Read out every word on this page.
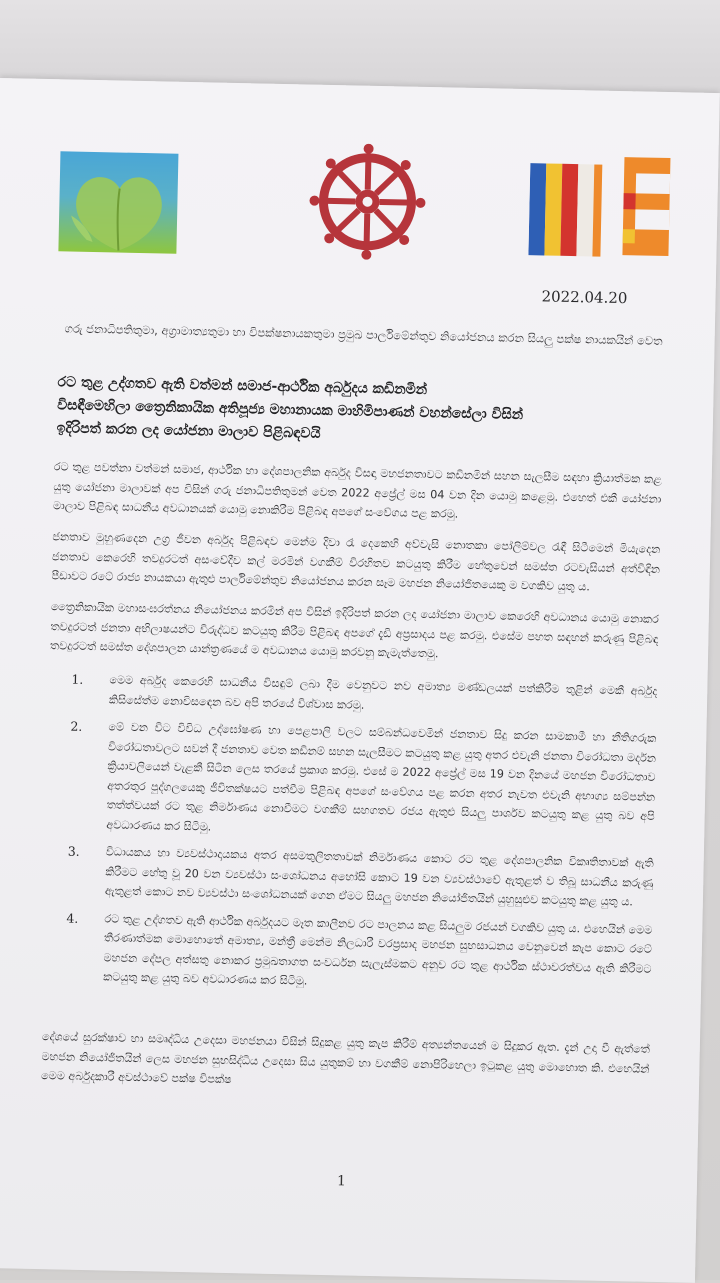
2022.04.20
ගරු ජනාධිපතිතුමා, අග්‍රාමාත්‍යතුමා හා විපක්ෂනායකතුමා ප්‍රමුඛ පාර්ලිමේන්තුව නියෝජනය කරන සියලු පක්ෂ නායකයින් වෙත
රට තුළ උද්ගතව ඇති වත්මන් සමාජ-ආර්ථික අර්බුදය කඩිනමින්
විසඳීමෙහිලා ත්‍රෛනිකායික අතිපූජ්‍ය මහානායක මාහිමිපාණන් වහන්සේලා විසින්
ඉදිරිපත් කරන ලද යෝජනා මාලාව පිළිබඳවයි
රට තුළ පවත්නා වත්මන් සමාජ, ආර්ථික හා දේශපාලනික අර්බුද විසඳා මහජනතාවට කඩිනමින් සහන සැලසීම සඳහා ක්‍රියාත්මක කළ යුතු යෝජනා මාලාවක් අප විසින් ගරු ජනාධිපතිතුමන් වෙත 2022 අප්‍රේල් මස 04 වන දින යොමු කළෙමු. එහෙත් එකී යෝජනා මාලාව පිළිබඳ සාධනීය අවධානයක් යොමු නොකිරීම පිළිබඳ අපගේ සංවේගය පළ කරමු.
ජනතාව මුහුණදෙන උග්‍ර ජීවන අර්බුද පිළිබඳව මෙන්ම දිවා රෑ දෙකෙහි අව්වැසි නොතකා පෝලිම්වල රැඳී සිටීමෙන් මියැදෙන ජනතාව කෙරෙහි තවදුරටත් අසංවේදීව කල් මරමින් වගකීම් විරහිතව කටයුතු කිරීම හේතුවෙන් සමස්ත රටවැසියන් අත්විඳින පීඩාවට රටේ රාජ්‍ය නායකයා ඇතුළු පාර්ලිමේන්තුව නියෝජනය කරන සෑම මහජන නියෝජිතයෙකු ම වගකිව යුතු ය.
ත්‍රෛනිකායික මහාසංඝරත්නය නියෝජනය කරමින් අප විසින් ඉදිරිපත් කරන ලද යෝජනා මාලාව කෙරෙහි අවධානය යොමු නොකර තවදුරටත් ජනතා අභිලාෂයන්ට විරුද්ධව කටයුතු කිරීම පිළිබඳ අපගේ දැඩි අප්‍රසාදය පළ කරමු. එසේම පහත සඳහන් කරුණු පිළිබඳ තවදුරටත් සමස්ත දේශපාලන යාන්ත්‍රණයේ ම අවධානය යොමු කරවනු කැමැත්තෙමු.
1.	මෙම අර්බුද කෙරෙහි සාධනීය විසඳුම් ලබා දීම වෙනුවට නව අමාත්‍ය මණ්ඩලයක් පත්කිරීම තුළින් මෙකී අර්බුද කිසිසේත්ම නොවිසඳෙන බව අපි තරයේ විශ්වාස කරමු.
2.	මේ වන විට විවිධ උද්ඝෝෂණ හා පෙළපාලි වලට සම්බන්ධවෙමින් ජනතාව සිදු කරන සාමකාමී හා නීතිගරුක විරෝධතාවලට සවන් දී ජනතාව වෙත කඩිනම් සහන සැලසීමට කටයුතු කළ යුතු අතර එවැනි ජනතා විරෝධතා මර්දන ක්‍රියාවලියෙන් වැළකී සිටින ලෙස තරයේ ප්‍රකාශ කරමු. එසේ ම 2022 අප්‍රේල් මස 19 වන දිනයේ මහජන විරෝධතාව අතරතුර පුද්ගලයෙකු ජීවිතක්ෂයට පත්වීම පිළිබඳ අපගේ සංවේගය පළ කරන අතර නැවත එවැනි අභාග්‍ය සම්පන්න තත්ත්වයක් රට තුළ නිර්මාණය නොවීමට වගකීම් සහගතව රජය ඇතුළු සියලු පාර්ශව කටයුතු කළ යුතු බව අපි අවධාරණය කර සිටිමු.
3.	විධායකය හා ව්‍යවස්ථාදායකය අතර අසමතුලිතතාවක් නිර්මාණය කොට රට තුළ දේශපාලනික විකෘතිතාවක් ඇති කිරීමට හේතු වූ 20 වන ව්‍යවස්ථා සංශෝධනය අහෝසි කොට 19 වන ව්‍යවස්ථාවේ ඇතුළත් ව තිබූ සාධනීය කරුණු ඇතුළත් කොට නව ව්‍යවස්ථා සංශෝධනයක් ගෙන ඒමට සියලු මහජන නියෝජිතයින් යුහුසුළුව කටයුතු කළ යුතු ය.
4.	රට තුළ උද්ගතව ඇති ආර්ථික අර්බුදයට මෑත කාලීනව රට පාලනය කළ සියලුම රජයන් වගකිව යුතු ය. එහෙයින් මෙම තීරණාත්මක මොහොතේ අමාත්‍ය, මන්ත්‍රී මෙන්ම නිලධාරී වරප්‍රසාද මහජන සුභසාධනය වෙනුවෙන් කැප කොට රටේ මහජන දේපල අත්සතු නොකර ප්‍රමුඛතාගත සංවර්ධන සැලැස්මකට අනුව රට තුළ ආර්ථික ස්ථාවරත්වය ඇති කිරීමට කටයුතු කළ යුතු බව අවධාරණය කර සිටිමු.
දේශයේ සුරක්ෂාව හා සමෘද්ධිය උදෙසා මහජනයා විසින් සිදුකළ යුතු කැප කිරීම් අත්‍යන්තයෙන් ම සිදුකර ඇත. දැන් උදා වී ඇත්තේ මහජන නියෝජිතයින් ලෙස මහජන සුභසිද්ධිය උදෙසා සිය යුතුකම් හා වගකීම් නොපිරිහෙලා ඉටුකළ යුතු මොහොත කි. එහෙයින් මෙම අර්බුදකාරී අවස්ථාවේ පක්ෂ විපක්ෂ
1
